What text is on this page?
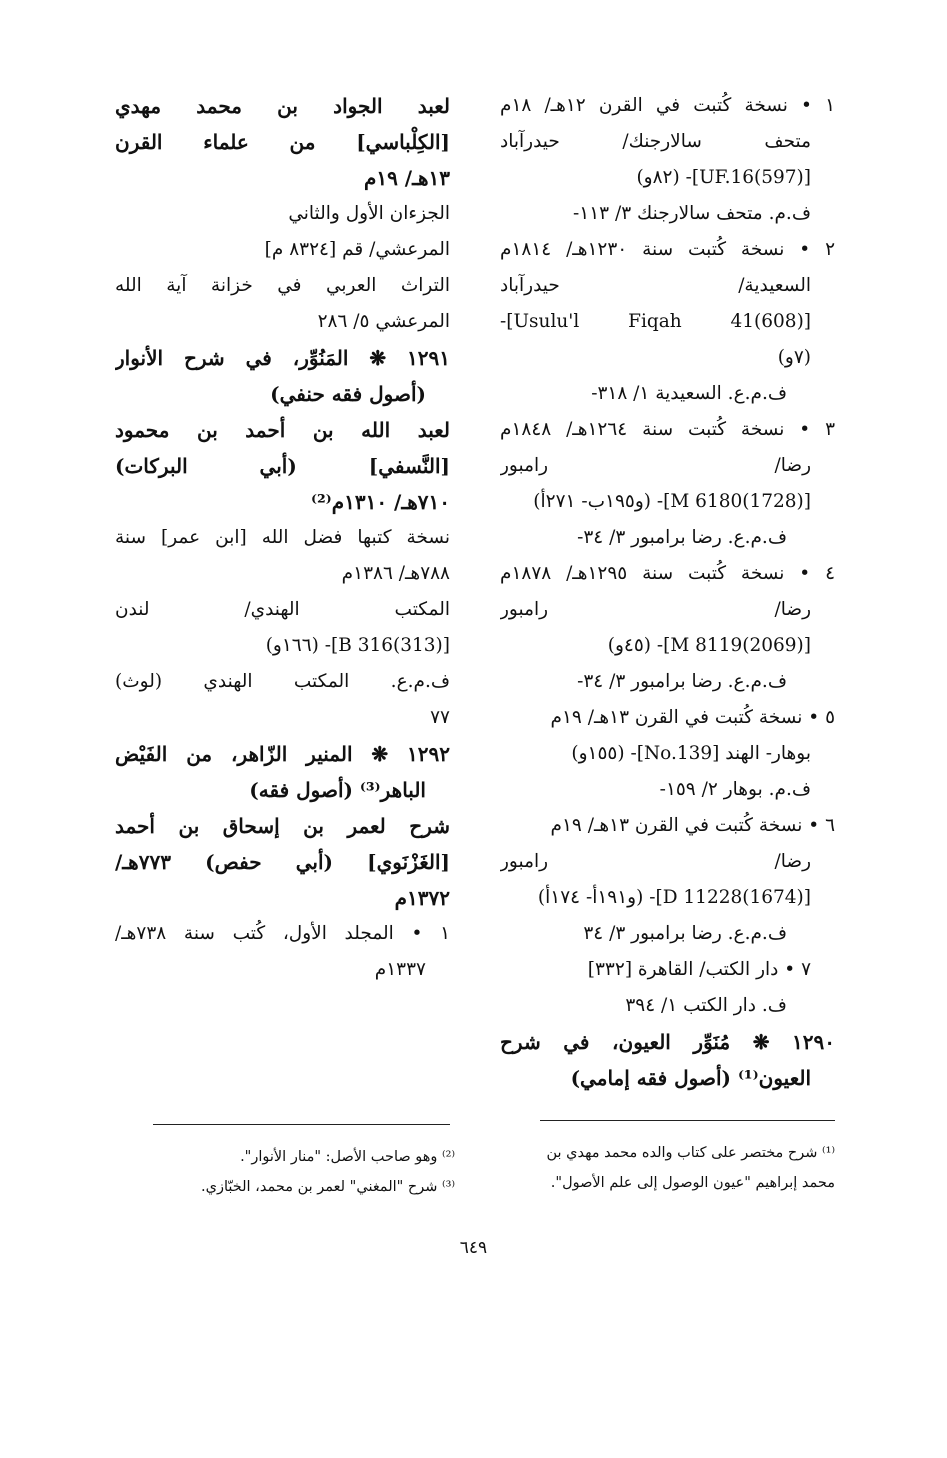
١ • نسخة كُتبت في القرن ١٢هـ/ ١٨م
متحف سالارجنك/ حيدرآباد
[UF.16(597)]- (٨٢و)
ف.م. متحف سالارجنك ٣/ ١١٣-
٢ • نسخة كُتبت سنة ١٢٣٠هـ/ ١٨١٤م
السعيدية/ حيدرآباد
[Usulu'l Fiqah 41(608)]-
(٧و)
ف.م.ع. السعيدية ١/ ٣١٨-
٣ • نسخة كُتبت سنة ١٢٦٤هـ/ ١٨٤٨م
رضا/ رامبور
[M 6180(1728)]- (و١٩٥ب- ٢٧١أ)
ف.م.ع. رضا برامبور ٣/ ٣٤-
٤ • نسخة كُتبت سنة ١٢٩٥هـ/ ١٨٧٨م
رضا/ رامبور
[M 8119(2069)]- (٤٥و)
ف.م.ع. رضا برامبور ٣/ ٣٤-
٥ • نسخة كُتبت في القرن ١٣هـ/ ١٩م
بوهار- الهند [No.139]- (١٥٥و)
ف.م. بوهار ٢/ ١٥٩-
٦ • نسخة كُتبت في القرن ١٣هـ/ ١٩م
رضا/ رامبور
[D 11228(1674)]- (و١٩١أ- ١٧٤أ)
ف.م.ع. رضا برامبور ٣/ ٣٤
٧ • دار الكتب/ القاهرة [٣٣٢]
ف. دار الكتب ١/ ٣٩٤
١٢٩٠ ❋ مُنَوِّر العيون، في شرح
العيون⁽¹⁾ (أصول فقه إمامي)
لعبد الجواد بن محمد مهدي
[الكِلْباسي] من علماء القرن
١٣هـ/ ١٩م
الجزءان الأول والثاني
المرعشي/ قم [٨٣٢٤ م]
التراث العربي في خزانة آية الله
المرعشي ٥/ ٢٨٦
١٢٩١ ❋ المَنُوِّر، في شرح الأنوار
(أصول فقه حنفي)
لعبد الله بن أحمد بن محمود
[النَّسفي] (أبي البركات)
٧١٠هـ/ ١٣١٠م⁽²⁾
نسخة كتبها فضل الله [ابن عمر] سنة
٧٨٨هـ/ ١٣٨٦م
المكتب الهندي/ لندن
[B 316(313)]- (١٦٦و)
ف.م.ع. المكتب الهندي (لوث)
٧٧
١٢٩٢ ❋ المنير الزّاهر، من الفَيْض
الباهر⁽³⁾ (أصول فقه)
شرح لعمر بن إسحاق بن أحمد
[الغَزْنَوي] (أبي حفص) ٧٧٣هـ/
١٣٧٢م
١ • المجلد الأول، كُتب سنة ٧٣٨هـ/
١٣٣٧م
⁽¹⁾ شرح مختصر على كتاب والده محمد مهدي بن
محمد إبراهيم "عيون الوصول إلى علم الأصول".
⁽²⁾ وهو صاحب الأصل: "منار الأنوار".
⁽³⁾ شرح "المغني" لعمر بن محمد، الخبّازي.
٦٤٩
